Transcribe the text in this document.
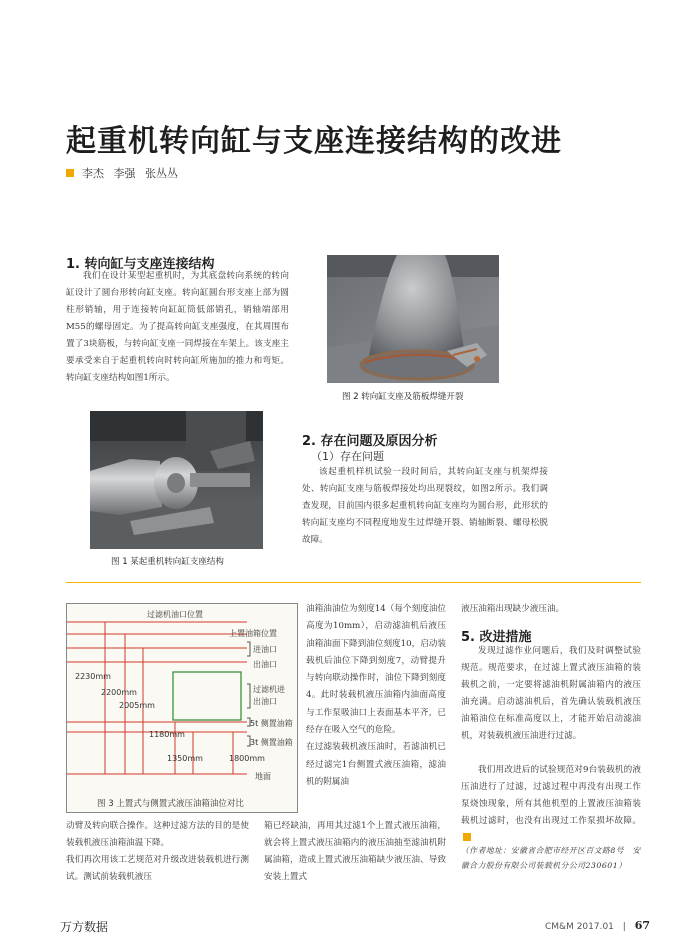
起重机转向缸与支座连接结构的改进
李杰 李强 张丛丛
1. 转向缸与支座连接结构
我们在设计某型起重机时，为其底盘转向系统的转向缸设计了圆台形转向缸支座。转向缸圆台形支座上部为圆柱形销轴，用于连接转向缸缸筒低部销孔，销轴端部用M55的螺母固定。为了提高转向缸支座强度，在其周围布置了3块筋板，与转向缸支座一同焊接在车架上。该支座主要承受来自于起重机转向时转向缸所施加的推力和弯矩。转向缸支座结构如图1所示。
图 2 转向缸支座及筋板焊缝开裂
图 1 某起重机转向缸支座结构
2. 存在问题及原因分析
（1）存在问题
该起重机样机试验一段时间后，其转向缸支座与机架焊接处、转向缸支座与筋板焊接处均出现裂纹，如图2所示。我们调查发现，目前国内很多起重机转向缸支座均为圆台形，此形状的转向缸支座均不同程度地发生过焊缝开裂、销轴断裂、螺母松脱故障。
过滤机油口位置
上置油箱位置
进油口
出油口
过滤机进
出油口
5t 侧置油箱
3t 侧置油箱
地面
2230mm
2200mm
2005mm
1180mm
1350mm	1800mm
图 3 上置式与侧置式液压油箱油位对比
动臂及转向联合操作。这种过滤方法的目的是使装载机液压油箱油温下降。
我们再次用该工艺规范对升级改进装载机进行测试。测试前装载机液压
油箱油油位为刻度14（每个刻度油位高度为10mm），启动滤油机后液压油箱油面下降到油位刻度10，启动装载机后油位下降到刻度7，动臂提升与转向联动操作时，油位下降到刻度4。此时装载机液压油箱内油面高度与工作泵吸油口上表面基本平齐，已经存在吸入空气的危险。
在过滤装载机液压油时，若滤油机已经过滤完1台侧置式液压油箱，滤油机的附属油
箱已经缺油，再用其过滤1个上置式液压油箱，就会将上置式液压油箱内的液压油抽至滤油机附属油箱，造成上置式液压油箱缺少液压油、导致安装上置式
液压油箱出现缺少液压油。
5. 改进措施
发现过滤作业问题后，我们及时调整试验规范。规范要求，在过滤上置式液压油箱的装载机之前，一定要将滤油机附属油箱内的液压油充满。启动滤油机后，首先确认装载机液压油箱油位在标准高度以上，才能开始启动滤油机，对装载机液压油进行过滤。
我们用改进后的试验规范对9台装载机的液压油进行了过滤，过滤过程中再没有出现工作泵烧蚀现象，所有其他机型的上置液压油箱装载机过滤时，也没有出现过工作泵损坏故障。
（作者地址：安徽省合肥市经开区百文路8号　安徽合力股份有限公司装载机分公司230601）
万方数据	CM&M 2017.01 | 67
